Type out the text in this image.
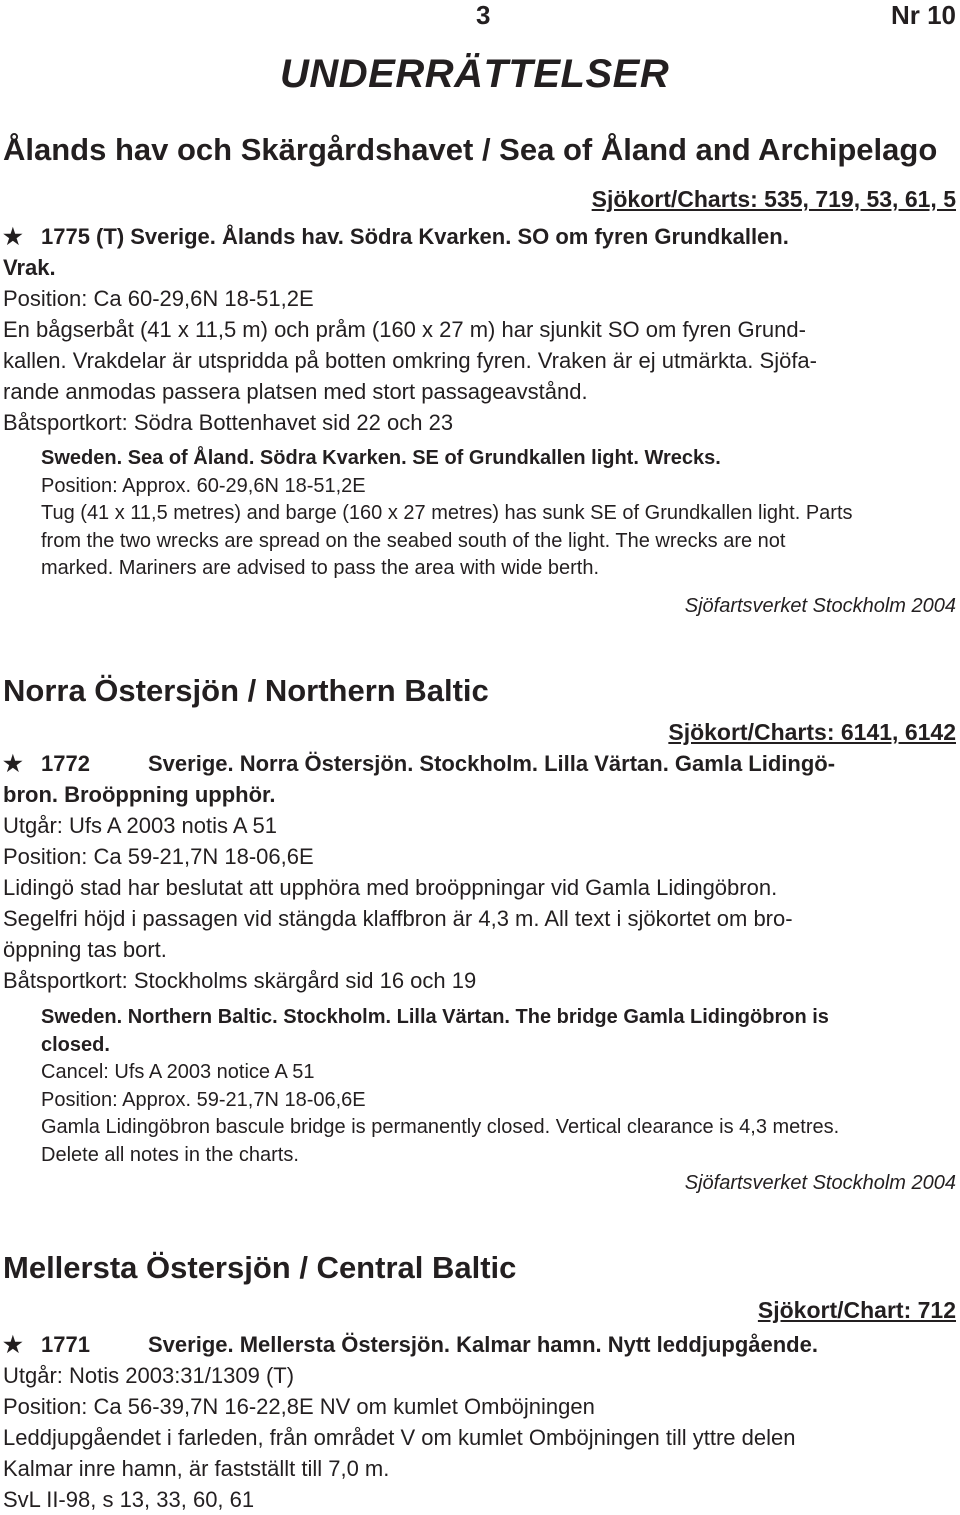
3	Nr 10
UNDERRÄTTELSER
Ålands hav och Skärgårdshavet / Sea of Åland and Archipelago
Sjökort/Charts: 535, 719, 53, 61, 5
★ 1775 (T) Sverige. Ålands hav. Södra Kvarken. SO om fyren Grundkallen.
Vrak.
Position: Ca 60-29,6N 18-51,2E
En bågserbåt (41 x 11,5 m) och pråm (160 x 27 m) har sjunkit SO om fyren Grund-
kallen. Vrakdelar är utspridda på botten omkring fyren. Vraken är ej utmärkta. Sjöfa-
rande anmodas passera platsen med stort passageavstånd.
Båtsportkort: Södra Bottenhavet sid 22 och 23
Sweden. Sea of Åland. Södra Kvarken. SE of Grundkallen light. Wrecks.
Position: Approx. 60-29,6N 18-51,2E
Tug (41 x 11,5 metres) and barge (160 x 27 metres) has sunk SE of Grundkallen light. Parts
from the two wrecks are spread on the seabed south of the light. The wrecks are not
marked. Mariners are advised to pass the area with wide berth.
Sjöfartsverket Stockholm 2004
Norra Östersjön / Northern Baltic
Sjökort/Charts: 6141, 6142
★ 1772	Sverige. Norra Östersjön. Stockholm. Lilla Värtan. Gamla Lidingö-
bron. Broöppning upphör.
Utgår: Ufs A 2003 notis A 51
Position: Ca 59-21,7N 18-06,6E
Lidingö stad har beslutat att upphöra med broöppningar vid Gamla Lidingöbron.
Segelfri höjd i passagen vid stängda klaffbron är 4,3 m. All text i sjökortet om bro-
öppning tas bort.
Båtsportkort: Stockholms skärgård sid 16 och 19
Sweden. Northern Baltic. Stockholm. Lilla Värtan. The bridge Gamla Lidingöbron is
closed.
Cancel: Ufs A 2003 notice A 51
Position: Approx. 59-21,7N 18-06,6E
Gamla Lidingöbron bascule bridge is permanently closed. Vertical clearance is 4,3 metres.
Delete all notes in the charts.
Sjöfartsverket Stockholm 2004
Mellersta Östersjön / Central Baltic
Sjökort/Chart: 712
★ 1771	Sverige. Mellersta Östersjön. Kalmar hamn. Nytt leddjupgående.
Utgår: Notis 2003:31/1309 (T)
Position: Ca 56-39,7N 16-22,8E NV om kumlet Omböjningen
Leddjupgåendet i farleden, från området V om kumlet Omböjningen till yttre delen
Kalmar inre hamn, är fastställt till 7,0 m.
SvL II-98, s 13, 33, 60, 61
